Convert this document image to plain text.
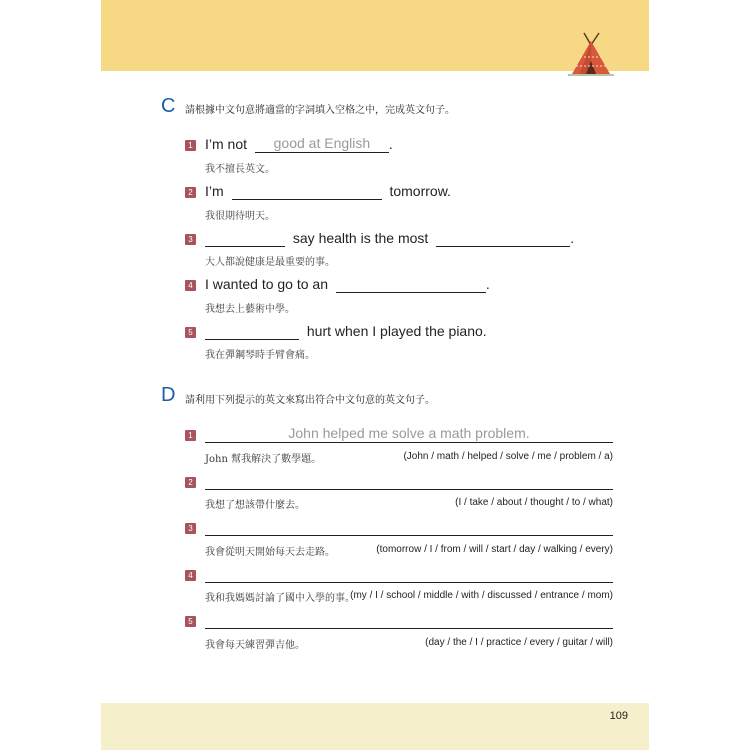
C 請根據中文句意將適當的字詞填入空格之中，完成英文句子。
1 I’m not	good at English	.
我不擅長英文。
2 I’m	tomorrow.
我很期待明天。
3	say health is the most	.
大人都說健康是最重要的事。
4 I wanted to go to an	.
我想去上藝術中學。
5	hurt when I played the piano.
我在彈鋼琴時手臂會痛。
D 請利用下列提示的英文來寫出符合中文句意的英文句子。
1	John helped me solve a math problem.
John 幫我解決了數學題。	(John / math / helped / solve / me / problem / a)
2
我想了想該帶什麼去。	(I / take / about / thought / to / what)
3
我會從明天開始每天去走路。	(tomorrow / I / from / will / start / day / walking / every)
4
我和我媽媽討論了國中入學的事。
(my / I / school / middle / with / discussed / entrance / mom)
5
我會每天練習彈吉他。	(day / the / I / practice / every / guitar / will)
109
